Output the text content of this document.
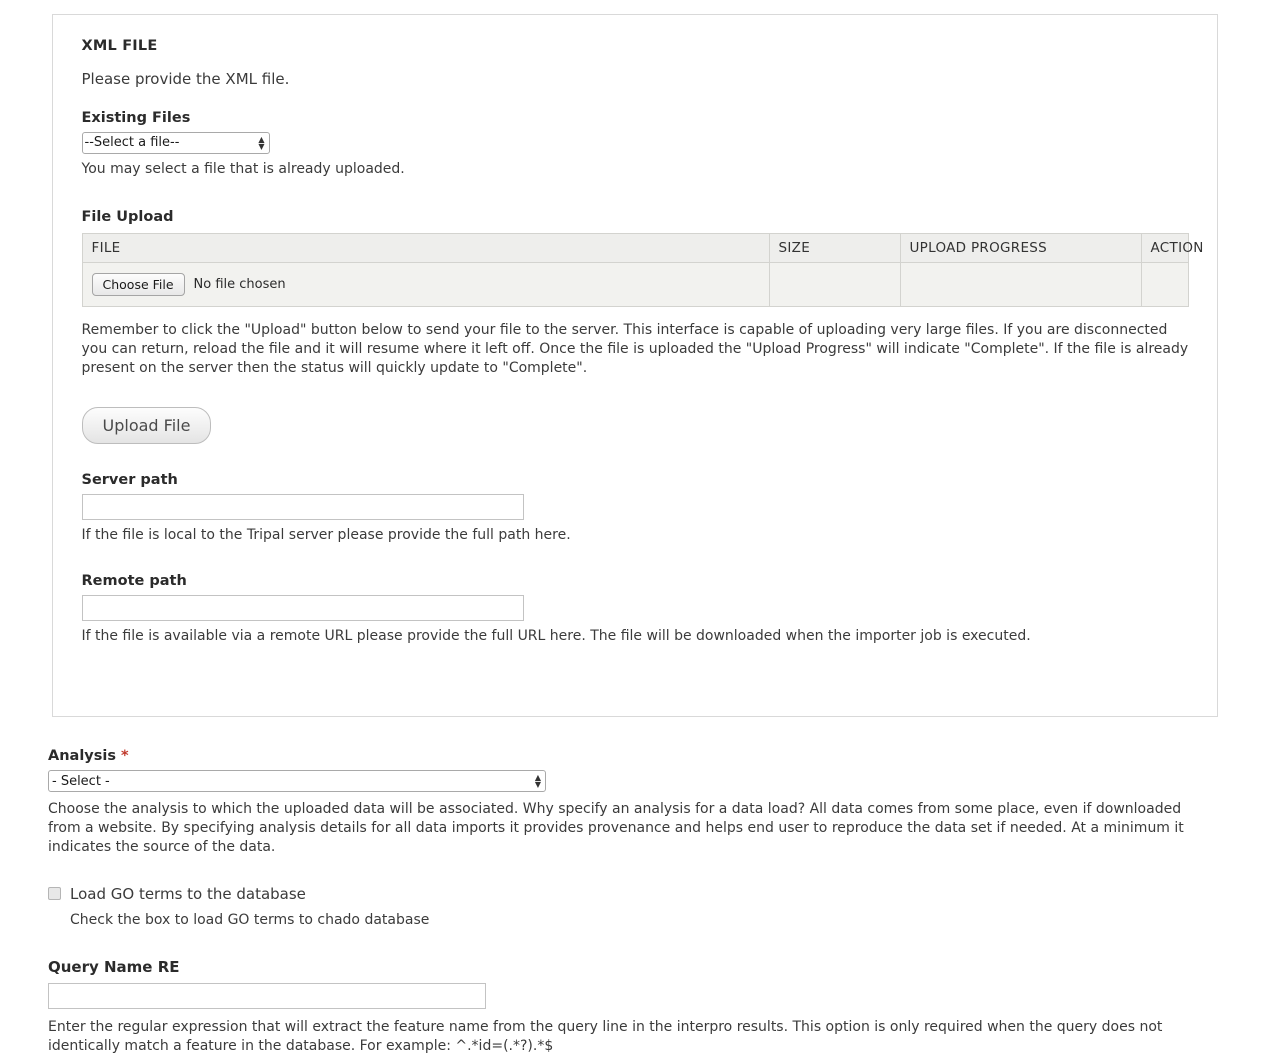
XML FILE

Please provide the XML file.

Existing Files
--Select a file--
▲
▼
You may select a file that is already uploaded.
File Upload
FILE	SIZE	UPLOAD PROGRESS	ACTION

Choose File No file chosen			

Remember to click the "Upload" button below to send your file to the server. This interface is capable of uploading very large files. If you are disconnected you can return, reload the file and it will resume where it left off. Once the file is uploaded the "Upload Progress" will indicate "Complete". If the file is already present on the server then the status will quickly update to "Complete".

Upload File
Server path
If the file is local to the Tripal server please provide the full path here.
Remote path
If the file is available via a remote URL please provide the full URL here. The file will be downloaded when the importer job is executed.
Analysis *
- Select -
▲
▼
Choose the analysis to which the uploaded data will be associated. Why specify an analysis for a data load? All data comes from some place, even if downloaded from a website. By specifying analysis details for all data imports it provides provenance and helps end user to reproduce the data set if needed. At a minimum it indicates the source of the data.
Load GO terms to the database
Check the box to load GO terms to chado database
Query Name RE
Enter the regular expression that will extract the feature name from the query line in the interpro results. This option is only required when the query does not identically match a feature in the database. For example: ^.*id=(.*?).*$
